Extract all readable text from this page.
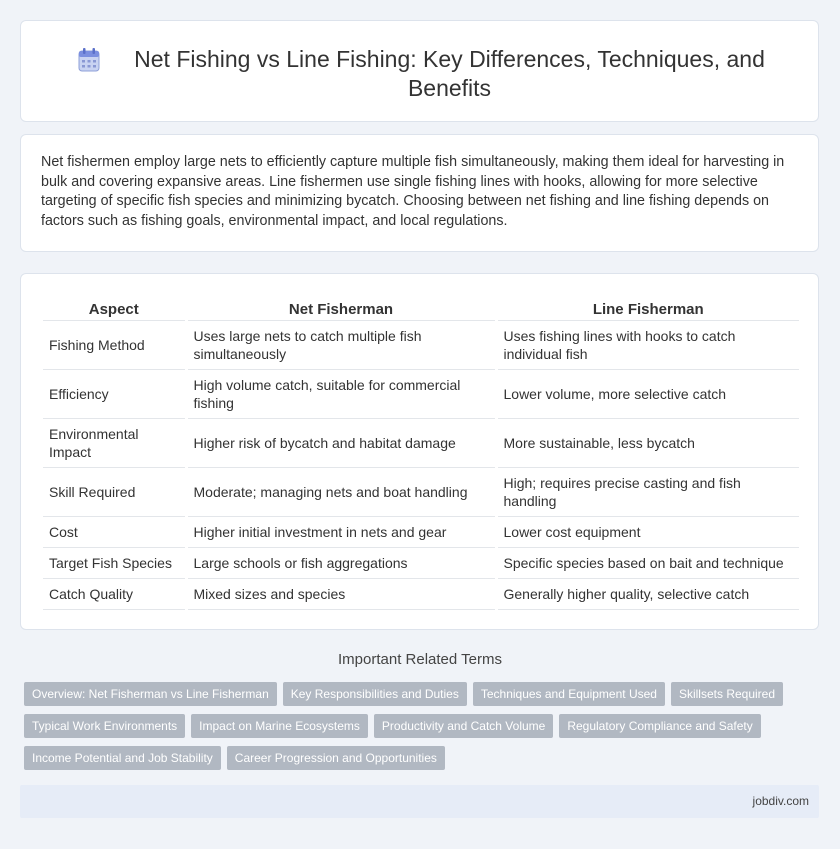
Net Fishing vs Line Fishing: Key Differences, Techniques, and Benefits

Net fishermen employ large nets to efficiently capture multiple fish simultaneously, making them ideal for harvesting in bulk and covering expansive areas. Line fishermen use single fishing lines with hooks, allowing for more selective targeting of specific fish species and minimizing bycatch. Choosing between net fishing and line fishing depends on factors such as fishing goals, environmental impact, and local regulations.

Aspect	Net Fisherman	Line Fisherman
Fishing Method	Uses large nets to catch multiple fish simultaneously	Uses fishing lines with hooks to catch individual fish
Efficiency	High volume catch, suitable for commercial fishing	Lower volume, more selective catch
Environmental Impact	Higher risk of bycatch and habitat damage	More sustainable, less bycatch
Skill Required	Moderate; managing nets and boat handling	High; requires precise casting and fish handling
Cost	Higher initial investment in nets and gear	Lower cost equipment
Target Fish Species	Large schools or fish aggregations	Specific species based on bait and technique
Catch Quality	Mixed sizes and species	Generally higher quality, selective catch
Important Related Terms
Overview: Net Fisherman vs Line Fisherman	Key Responsibilities and Duties	Techniques and Equipment Used	Skillsets Required
Typical Work Environments	Impact on Marine Ecosystems	Productivity and Catch Volume	Regulatory Compliance and Safety
Income Potential and Job Stability	Career Progression and Opportunities
jobdiv.com
